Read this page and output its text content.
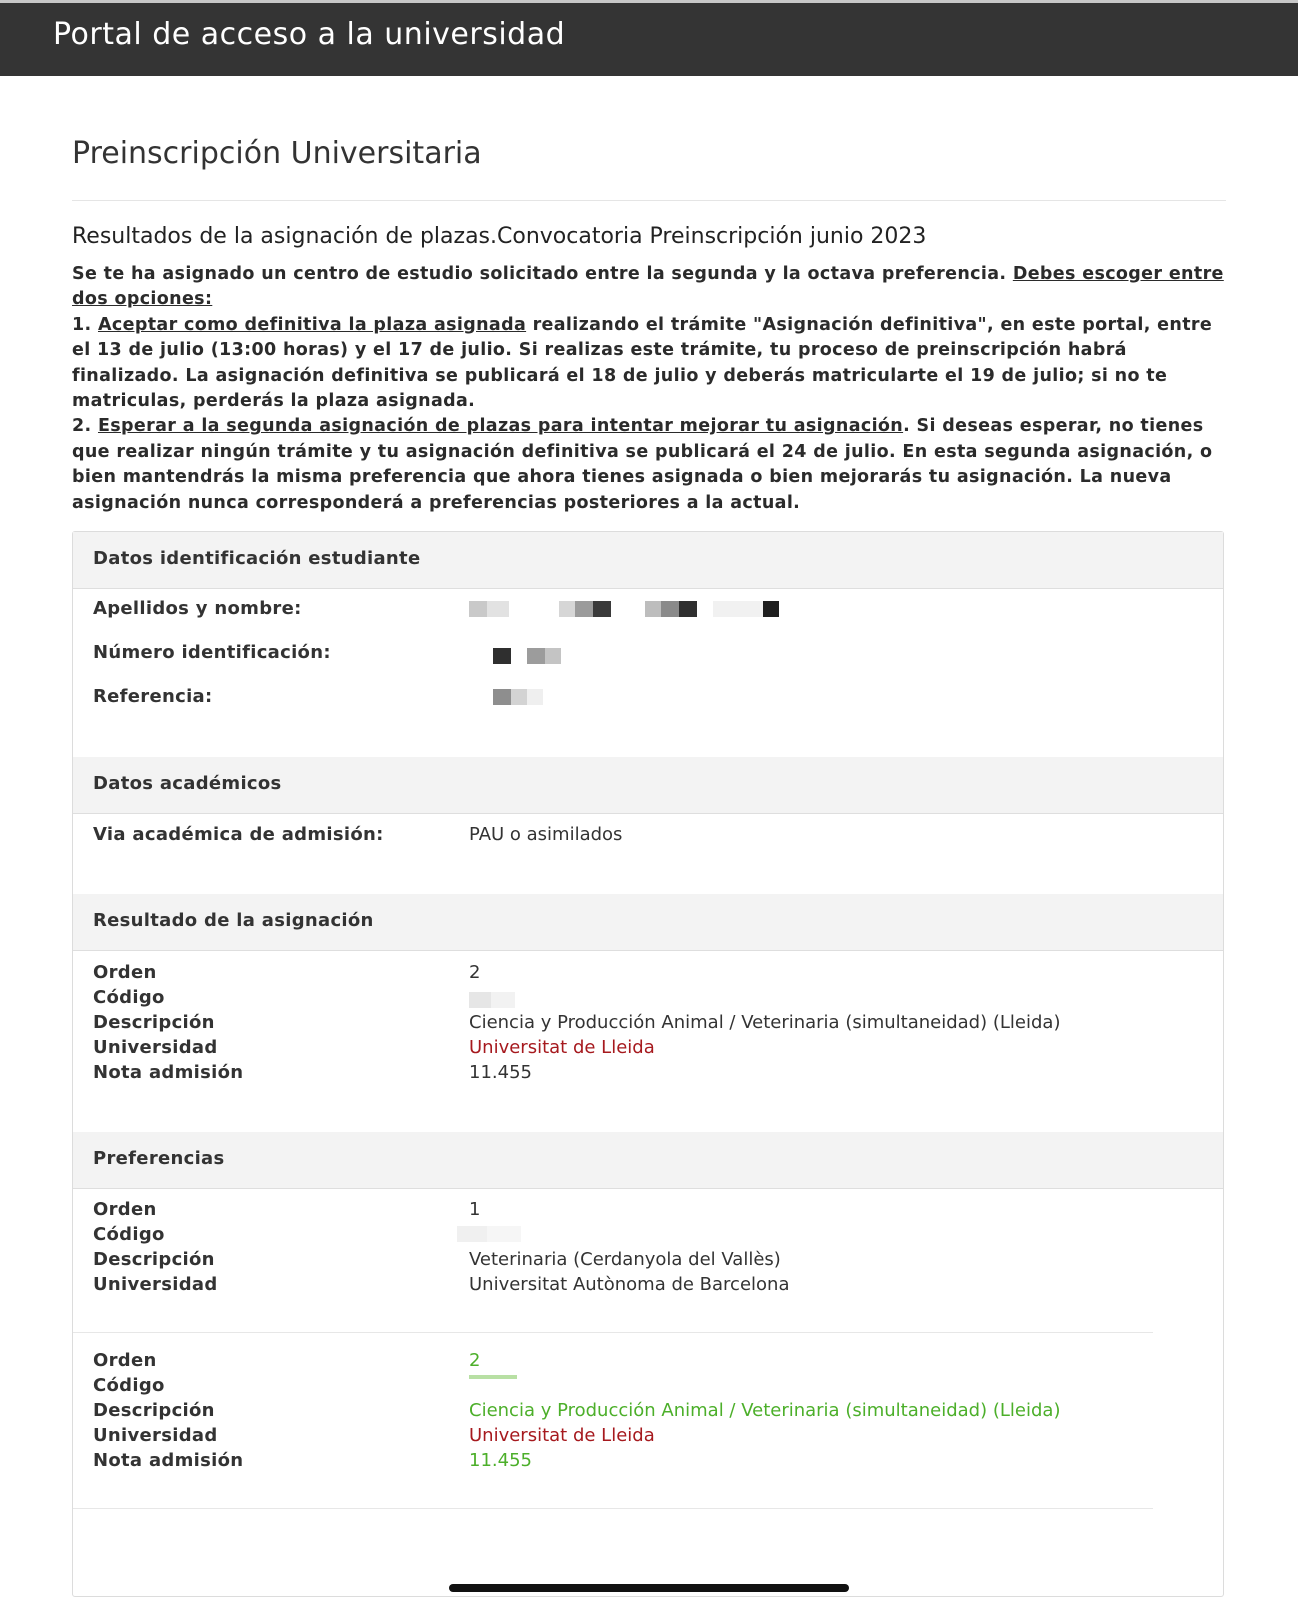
Portal de acceso a la universidad
Preinscripción Universitaria
Resultados de la asignación de plazas.Convocatoria Preinscripción junio 2023

Se te ha asignado un centro de estudio solicitado entre la segunda y la octava preferencia. Debes escoger entre dos opciones:

1. Aceptar como definitiva la plaza asignada realizando el trámite "Asignación definitiva", en este portal, entre el 13 de julio (13:00 horas) y el 17 de julio. Si realizas este trámite, tu proceso de preinscripción habrá finalizado. La asignación definitiva se publicará el 18 de julio y deberás matricularte el 19 de julio; si no te matriculas, perderás la plaza asignada.

2. Esperar a la segunda asignación de plazas para intentar mejorar tu asignación. Si deseas esperar, no tienes que realizar ningún trámite y tu asignación definitiva se publicará el 24 de julio. En esta segunda asignación, o bien mantendrás la misma preferencia que ahora tienes asignada o bien mejorarás tu asignación. La nueva asignación nunca corresponderá a preferencias posteriores a la actual.

Datos identificación estudiante
Apellidos y nombre:
Número identificación:
Referencia:
Datos académicos
Via académica de admisión:	PAU o asimilados
Resultado de la asignación
Orden	2
Código
Descripción	Ciencia y Producción Animal / Veterinaria (simultaneidad) (Lleida)
Universidad	Universitat de Lleida
Nota admisión	11.455
Preferencias
Orden	1
Código
Descripción	Veterinaria (Cerdanyola del Vallès)
Universidad	Universitat Autònoma de Barcelona
Orden	2
Código
Descripción	Ciencia y Producción Animal / Veterinaria (simultaneidad) (Lleida)
Universidad	Universitat de Lleida
Nota admisión	11.455
